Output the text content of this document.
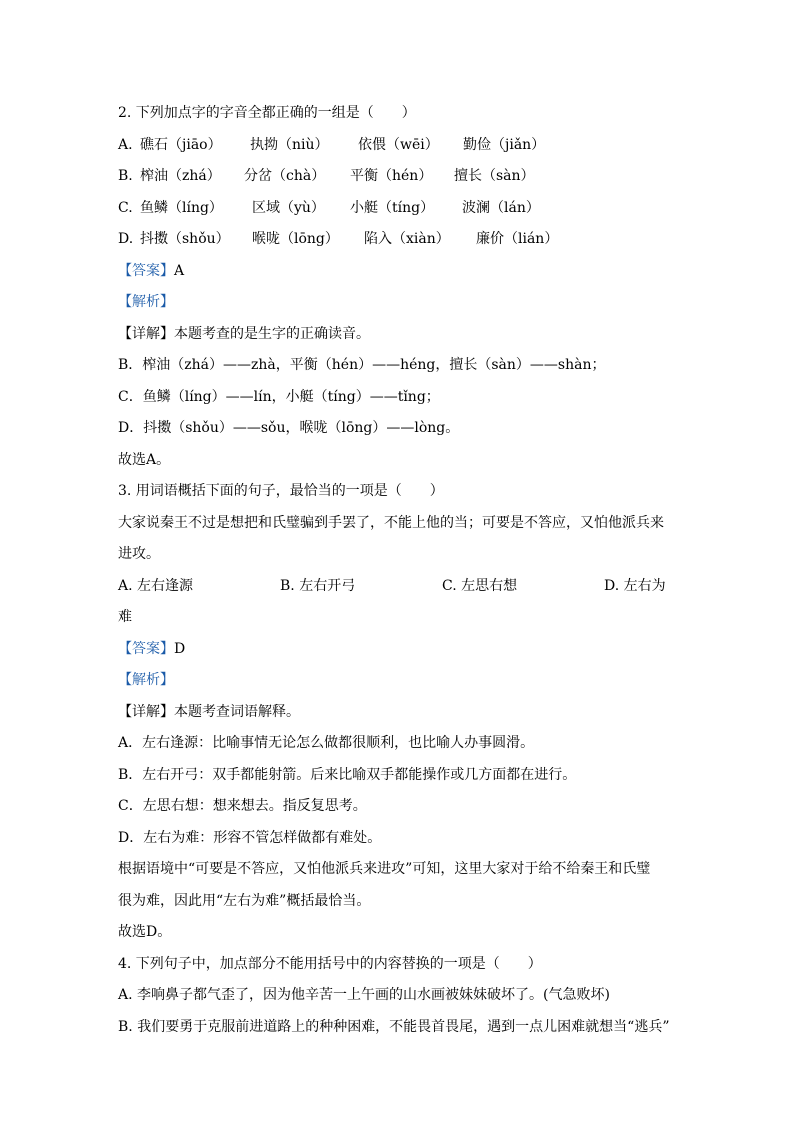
2. 下列加点字的字音全都正确的一组是（　　）
A. 礁石（jiāo） 执拗（niù） 依偎（wēi） 勤俭（jiǎn）
B. 榨油（zhá） 分岔（chà） 平衡（hén） 擅长（sàn）
C. 鱼鳞（líng） 区域（yù） 小艇（tíng） 波澜（lán）
D. 抖擞（shǒu） 喉咙（lōng） 陷入（xiàn） 廉价（lián）
【答案】A
【解析】
【详解】本题考查的是生字的正确读音。
B．榨油（zhá）——zhà，平衡（hén）——héng，擅长（sàn）——shàn；
C．鱼鳞（líng）——lín，小艇（tíng）——tǐng；
D．抖擞（shǒu）——sǒu，喉咙（lōng）——lòng。
故选A。
3. 用词语概括下面的句子，最恰当的一项是（　　）
大家说秦王不过是想把和氏璧骗到手罢了，不能上他的当；可要是不答应，又怕他派兵来
进攻。
A. 左右逢源	B. 左右开弓	C. 左思右想	D. 左右为
难
【答案】D
【解析】
【详解】本题考查词语解释。
A．左右逢源：比喻事情无论怎么做都很顺利，也比喻人办事圆滑。
B．左右开弓：双手都能射箭。后来比喻双手都能操作或几方面都在进行。
C．左思右想：想来想去。指反复思考。
D．左右为难：形容不管怎样做都有难处。
根据语境中“可要是不答应，又怕他派兵来进攻”可知，这里大家对于给不给秦王和氏璧
很为难，因此用“左右为难”概括最恰当。
故选D。
4. 下列句子中，加点部分不能用括号中的内容替换的一项是（　　）
A. 李响鼻子都气歪了，因为他辛苦一上午画的山水画被妹妹破坏了。(气急败坏)
B. 我们要勇于克服前进道路上的种种困难，不能畏首畏尾，遇到一点儿困难就想当“逃兵”
